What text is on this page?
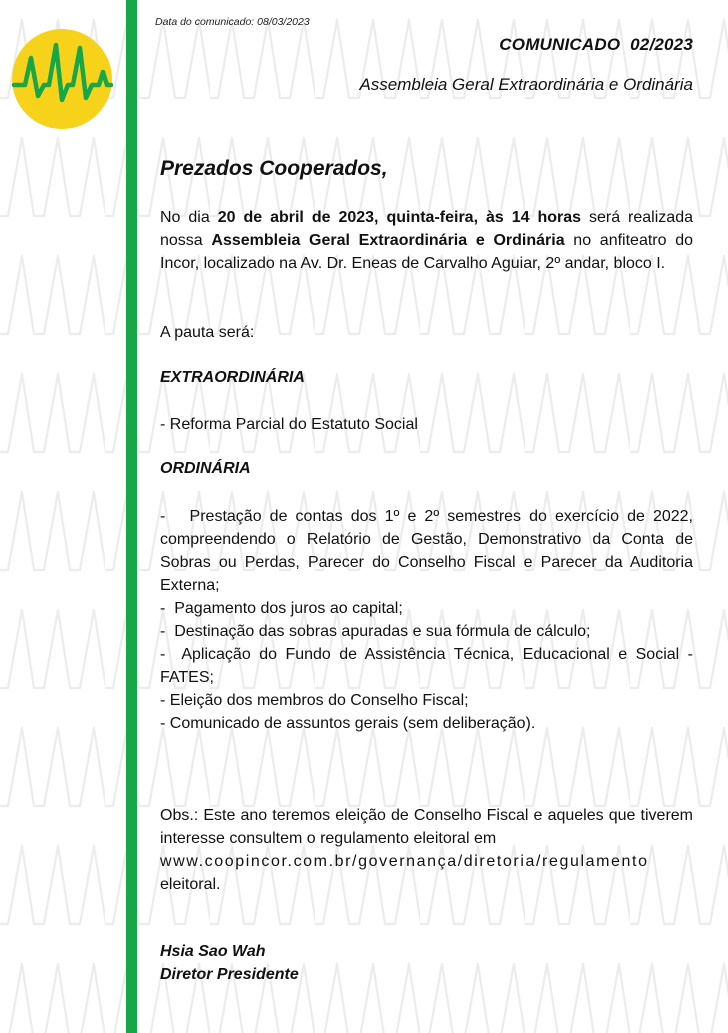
Data do comunicado: 08/03/2023
COMUNICADO  02/2023
Assembleia Geral Extraordinária e Ordinária
Prezados Cooperados,
No dia 20 de abril de 2023, quinta-feira, às 14 horas será realizada nossa Assembleia Geral Extraordinária e Ordinária no anfiteatro do Incor, localizado na Av. Dr. Eneas de Carvalho Aguiar, 2º andar, bloco I.
A pauta será:
EXTRAORDINÁRIA
- Reforma Parcial do Estatuto Social
ORDINÁRIA
-   Prestação de contas dos 1º e 2º semestres do exercício de 2022, compreendendo o Relatório de Gestão, Demonstrativo da Conta de Sobras ou Perdas, Parecer do Conselho Fiscal e Parecer da Auditoria Externa;
-  Pagamento dos juros ao capital;
-  Destinação das sobras apuradas e sua fórmula de cálculo;
-  Aplicação do Fundo de Assistência Técnica, Educacional e Social - FATES;
- Eleição dos membros do Conselho Fiscal;
- Comunicado de assuntos gerais (sem deliberação).
Obs.: Este ano teremos eleição de Conselho Fiscal e aqueles que tiverem interesse consultem o regulamento eleitoral em
www.coopincor.com.br/governança/diretoria/regulamento
eleitoral.
Hsia Sao Wah
Diretor Presidente
